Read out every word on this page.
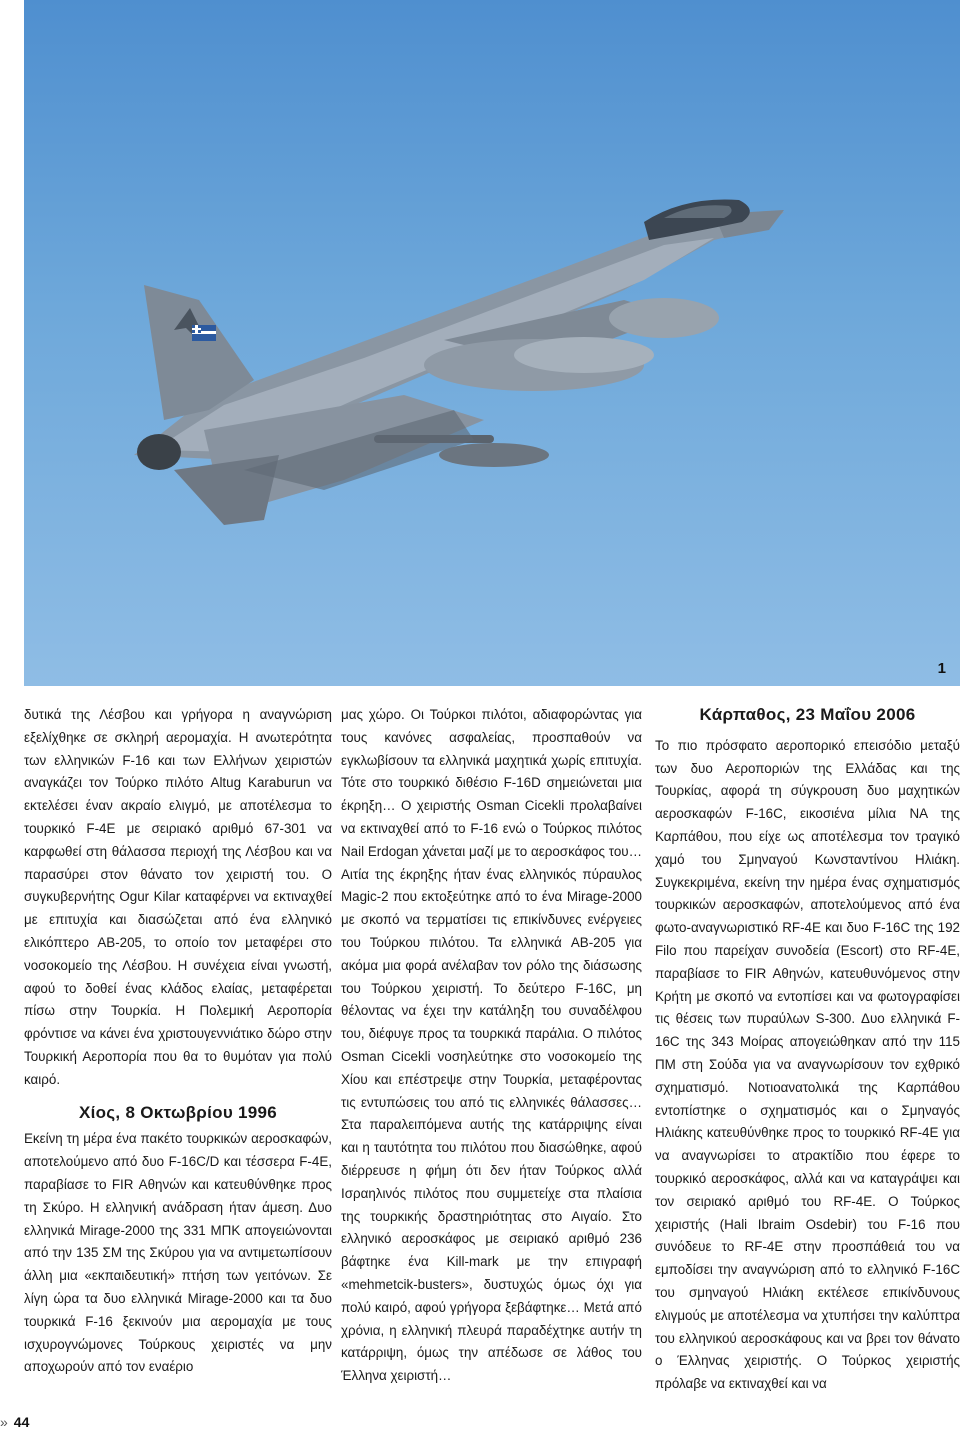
1

δυτικά της Λέσβου και γρήγορα η αναγνώριση εξελίχθηκε σε σκληρή αερομαχία. Η ανωτερότητα των ελληνικών F-16 και των Ελλήνων χειριστών αναγκάζει τον Τούρκο πιλότο Altug Karaburun να εκτελέσει έναν ακραίο ελιγμό, με αποτέλεσμα το τουρκικό F-4E με σειριακό αριθμό 67-301 να καρφωθεί στη θάλασσα περιοχή της Λέσβου και να παρασύρει στον θάνατο τον χειριστή του. Ο συγκυβερνήτης Ogur Kilar καταφέρνει να εκτιναχθεί με επιτυχία και διασώζεται από ένα ελληνικό ελικόπτερο AB-205, το οποίο τον μεταφέρει στο νοσοκομείο της Λέσβου. Η συνέχεια είναι γνωστή, αφού το δοθεί ένας κλάδος ελαίας, μεταφέρεται πίσω στην Τουρκία. Η Πολεμική Αεροπορία φρόντισε να κάνει ένα χριστουγεννιάτικο δώρο στην Τουρκική Αεροπορία που θα το θυμόταν για πολύ καιρό.

Χίος, 8 Οκτωβρίου 1996

Εκείνη τη μέρα ένα πακέτο τουρκικών αεροσκαφών, αποτελούμενο από δυο F-16C/D και τέσσερα F-4E, παραβίασε το FIR Αθηνών και κατευθύνθηκε προς τη Σκύρο. Η ελληνική ανάδραση ήταν άμεση. Δυο ελληνικά Mirage-2000 της 331 ΜΠΚ απογειώνονται από την 135 ΣΜ της Σκύρου για να αντιμετωπίσουν άλλη μια «εκπαιδευτική» πτήση των γειτόνων. Σε λίγη ώρα τα δυο ελληνικά Mirage-2000 και τα δυο τουρκικά F-16 ξεκινούν μια αερομαχία με τους ισχυρογνώμονες Τούρκους χειριστές να μην αποχωρούν από τον εναέριο

μας χώρο. Οι Τούρκοι πιλότοι, αδιαφορώντας για τους κανόνες ασφαλείας, προσπαθούν να εγκλωβίσουν τα ελληνικά μαχητικά χωρίς επιτυχία. Τότε στο τουρκικό διθέσιο F-16D σημειώνεται μια έκρηξη… Ο χειριστής Osman Cicekli προλαβαίνει να εκτιναχθεί από το F-16 ενώ ο Τούρκος πιλότος Nail Erdogan χάνεται μαζί με το αεροσκάφος του… Αιτία της έκρηξης ήταν ένας ελληνικός πύραυλος Magic-2 που εκτοξεύτηκε από το ένα Mirage-2000 με σκοπό να τερματίσει τις επικίνδυνες ενέργειες του Τούρκου πιλότου. Τα ελληνικά AB-205 για ακόμα μια φορά ανέλαβαν τον ρόλο της διάσωσης του Τούρκου χειριστή. Το δεύτερο F-16C, μη θέλοντας να έχει την κατάληξη του συναδέλφου του, διέφυγε προς τα τουρκικά παράλια. Ο πιλότος Osman Cicekli νοσηλεύτηκε στο νοσοκομείο της Χίου και επέστρεψε στην Τουρκία, μεταφέροντας τις εντυπώσεις του από τις ελληνικές θάλασσες… Στα παραλειπόμενα αυτής της κατάρριψης είναι και η ταυτότητα του πιλότου που διασώθηκε, αφού διέρρευσε η φήμη ότι δεν ήταν Τούρκος αλλά Ισραηλινός πιλότος που συμμετείχε στα πλαίσια της τουρκικής δραστηριότητας στο Αιγαίο. Στο ελληνικό αεροσκάφος με σειριακό αριθμό 236 βάφτηκε ένα Kill-mark με την επιγραφή «mehmetcik-busters», δυστυχώς όμως όχι για πολύ καιρό, αφού γρήγορα ξεβάφτηκε… Μετά από χρόνια, η ελληνική πλευρά παραδέχτηκε αυτήν τη κατάρριψη, όμως την απέδωσε σε λάθος του Έλληνα χειριστή…

Κάρπαθος, 23 Μαΐου 2006

Το πιο πρόσφατο αεροπορικό επεισόδιο μεταξύ των δυο Αεροποριών της Ελλάδας και της Τουρκίας, αφορά τη σύγκρουση δυο μαχητικών αεροσκαφών F-16C, εικοσιένα μίλια ΝΑ της Καρπάθου, που είχε ως αποτέλεσμα τον τραγικό χαμό του Σμηναγού Κωνσταντίνου Ηλιάκη. Συγκεκριμένα, εκείνη την ημέρα ένας σχηματισμός τουρκικών αεροσκαφών, αποτελούμενος από ένα φωτο-αναγνωριστικό RF-4E και δυο F-16C της 192 Filo που παρείχαν συνοδεία (Escort) στο RF-4E, παραβίασε το FIR Αθηνών, κατευθυνόμενος στην Κρήτη με σκοπό να εντοπίσει και να φωτογραφίσει τις θέσεις των πυραύλων S-300. Δυο ελληνικά F-16C της 343 Μοίρας απογειώθηκαν από την 115 ΠΜ στη Σούδα για να αναγνωρίσουν τον εχθρικό σχηματισμό. Νοτιοανατολικά της Καρπάθου εντοπίστηκε ο σχηματισμός και ο Σμηναγός Ηλιάκης κατευθύνθηκε προς το τουρκικό RF-4E για να αναγνωρίσει το ατρακτίδιο που έφερε το τουρκικό αεροσκάφος, αλλά και να καταγράψει και τον σειριακό αριθμό του RF-4E. Ο Τούρκος χειριστής (Hali Ibraim Osdebir) του F-16 που συνόδευε το RF-4E στην προσπάθειά του να εμποδίσει την αναγνώριση από το ελληνικό F-16C του σμηναγού Ηλιάκη εκτέλεσε επικίνδυνους ελιγμούς με αποτέλεσμα να χτυπήσει την καλύπτρα του ελληνικού αεροσκάφους και να βρει τον θάνατο ο Έλληνας χειριστής. Ο Τούρκος χειριστής πρόλαβε να εκτιναχθεί και να

» 44
